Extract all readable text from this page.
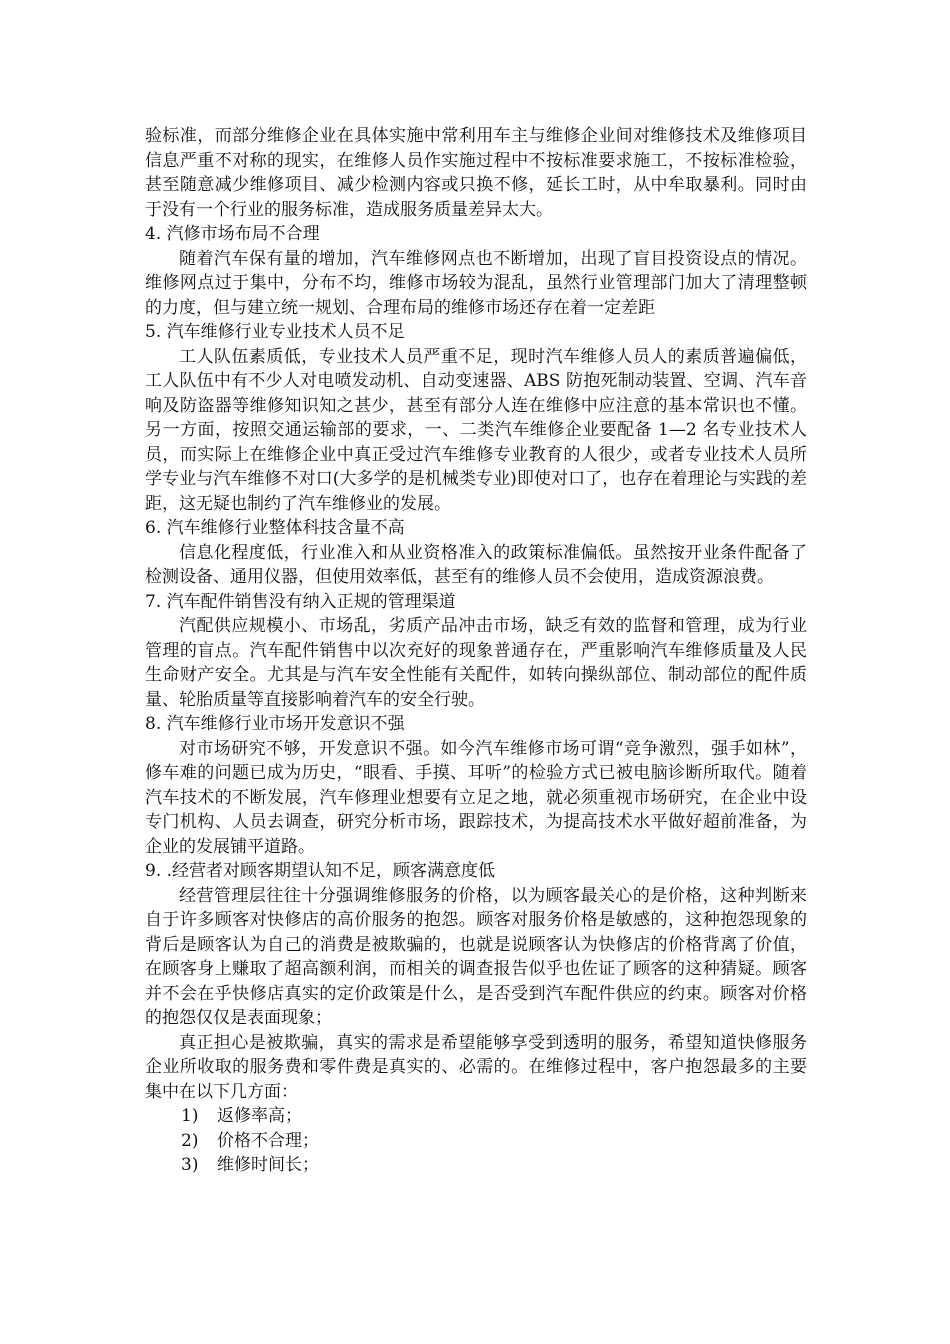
验标准，而部分维修企业在具体实施中常利用车主与维修企业间对维修技术及维修项目信息严重不对称的现实，在维修人员作实施过程中不按标准要求施工，不按标准检验，甚至随意减少维修项目、减少检测内容或只换不修，延长工时，从中牟取暴利。同时由于没有一个行业的服务标准，造成服务质量差异太大。

4. 汽修市场布局不合理

随着汽车保有量的增加，汽车维修网点也不断增加，出现了盲目投资设点的情况。维修网点过于集中，分布不均，维修市场较为混乱，虽然行业管理部门加大了清理整顿的力度，但与建立统一规划、合理布局的维修市场还存在着一定差距

5. 汽车维修行业专业技术人员不足

工人队伍素质低，专业技术人员严重不足，现时汽车维修人员人的素质普遍偏低，工人队伍中有不少人对电喷发动机、自动变速器、ABS 防抱死制动装置、空调、汽车音响及防盗器等维修知识知之甚少，甚至有部分人连在维修中应注意的基本常识也不懂。另一方面，按照交通运输部的要求，一、二类汽车维修企业要配备 1—2 名专业技术人员，而实际上在维修企业中真正受过汽车维修专业教育的人很少，或者专业技术人员所学专业与汽车维修不对口(大多学的是机械类专业)即使对口了，也存在着理论与实践的差距，这无疑也制约了汽车维修业的发展。

6. 汽车维修行业整体科技含量不高

信息化程度低，行业准入和从业资格准入的政策标准偏低。虽然按开业条件配备了检测设备、通用仪器，但使用效率低，甚至有的维修人员不会使用，造成资源浪费。

7. 汽车配件销售没有纳入正规的管理渠道

汽配供应规模小、市场乱，劣质产品冲击市场，缺乏有效的监督和管理，成为行业管理的盲点。汽车配件销售中以次充好的现象普通存在，严重影响汽车维修质量及人民生命财产安全。尤其是与汽车安全性能有关配件，如转向操纵部位、制动部位的配件质量、轮胎质量等直接影响着汽车的安全行驶。

8. 汽车维修行业市场开发意识不强

对市场研究不够，开发意识不强。如今汽车维修市场可谓“竞争激烈，强手如林”，修车难的问题已成为历史，“眼看、手摸、耳听”的检验方式已被电脑诊断所取代。随着汽车技术的不断发展，汽车修理业想要有立足之地，就必须重视市场研究，在企业中设专门机构、人员去调查，研究分析市场，跟踪技术，为提高技术水平做好超前准备，为企业的发展铺平道路。

9. .经营者对顾客期望认知不足，顾客满意度低

经营管理层往往十分强调维修服务的价格，以为顾客最关心的是价格，这种判断来自于许多顾客对快修店的高价服务的抱怨。顾客对服务价格是敏感的，这种抱怨现象的背后是顾客认为自己的消费是被欺骗的，也就是说顾客认为快修店的价格背离了价值，在顾客身上赚取了超高额利润，而相关的调查报告似乎也佐证了顾客的这种猜疑。顾客并不会在乎快修店真实的定价政策是什么，是否受到汽车配件供应的约束。顾客对价格的抱怨仅仅是表面现象；

真正担心是被欺骗，真实的需求是希望能够享受到透明的服务，希望知道快修服务企业所收取的服务费和零件费是真实的、必需的。在维修过程中，客户抱怨最多的主要集中在以下几方面：

1)	返修率高；
2)	价格不合理；
3)	维修时间长；
